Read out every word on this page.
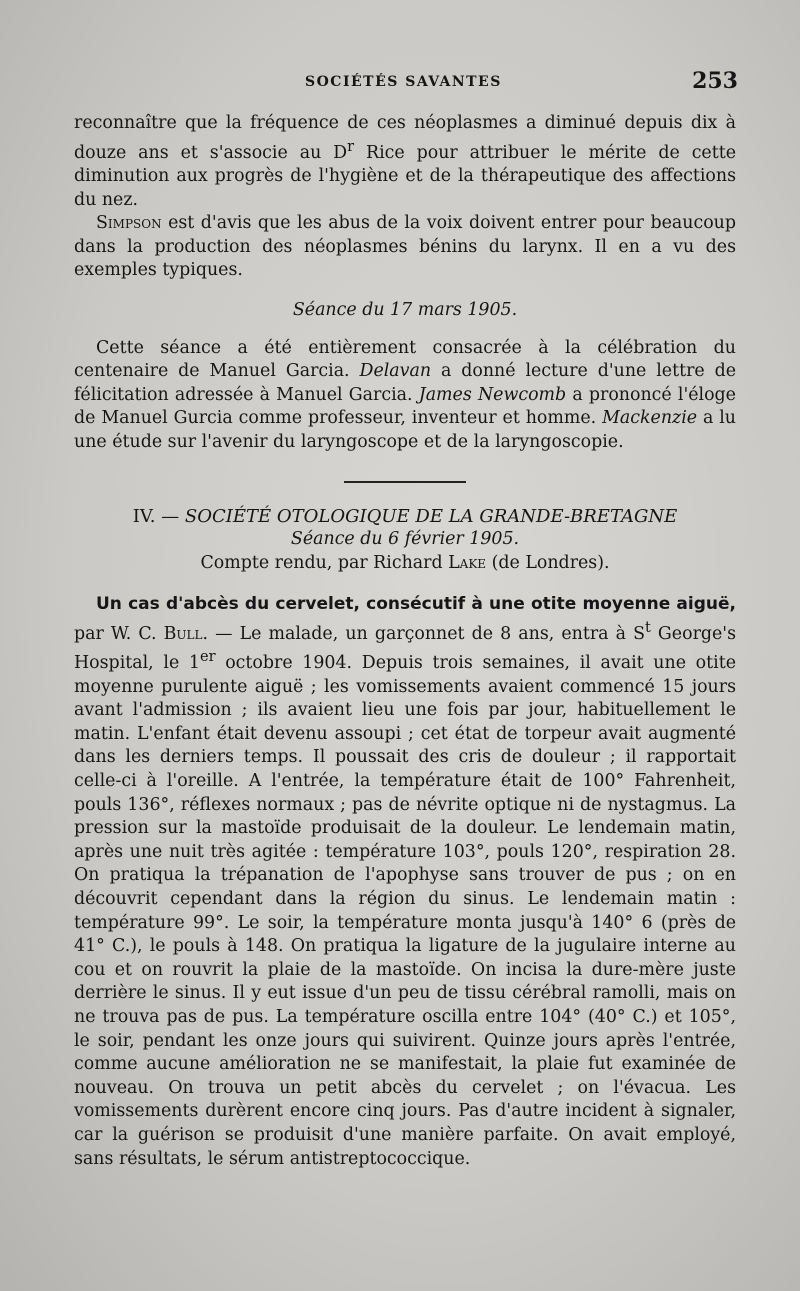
SOCIÉTÉS SAVANTES	253

reconnaître que la fréquence de ces néoplasmes a diminué depuis dix à douze ans et s'associe au $D^r$ Rice pour attribuer le mérite de cette diminution aux progrès de l'hygiène et de la thérapeutique des affections du nez.

Simpson est d'avis que les abus de la voix doivent entrer pour beaucoup dans la production des néoplasmes bénins du larynx. Il en a vu des exemples typiques.

Séance du 17 mars 1905.

Cette séance a été entièrement consacrée à la célébration du centenaire de Manuel Garcia. Delavan a donné lecture d'une lettre de félicitation adressée à Manuel Garcia. James Newcomb a prononcé l'éloge de Manuel Gurcia comme professeur, inventeur et homme. Mackenzie a lu une étude sur l'avenir du laryngoscope et de la laryngoscopie.

IV. — SOCIÉTÉ OTOLOGIQUE DE LA GRANDE-BRETAGNE

Séance du 6 février 1905.

Compte rendu, par Richard Lake (de Londres).

Un cas d'abcès du cervelet, consécutif à une otite moyenne aiguë, par W. C. Bull. — Le malade, un garçonnet de 8 ans, entra à $S^t$ George's Hospital, le 1er octobre 1904. Depuis trois semaines, il avait une otite moyenne purulente aiguë ; les vomissements avaient commencé 15 jours avant l'admission ; ils avaient lieu une fois par jour, habituellement le matin. L'enfant était devenu assoupi ; cet état de torpeur avait augmenté dans les derniers temps. Il poussait des cris de douleur ; il rapportait celle-ci à l'oreille. A l'entrée, la température était de 100° Fahrenheit, pouls 136°, réflexes normaux ; pas de névrite optique ni de nystagmus. La pression sur la mastoïde produisait de la douleur. Le lendemain matin, après une nuit très agitée : température 103°, pouls 120°, respiration 28. On pratiqua la trépanation de l'apophyse sans trouver de pus ; on en découvrit cependant dans la région du sinus. Le lendemain matin : température 99°. Le soir, la température monta jusqu'à 140° 6 (près de 41° C.), le pouls à 148. On pratiqua la ligature de la jugulaire interne au cou et on rouvrit la plaie de la mastoïde. On incisa la dure-mère juste derrière le sinus. Il y eut issue d'un peu de tissu cérébral ramolli, mais on ne trouva pas de pus. La température oscilla entre 104° (40° C.) et 105°, le soir, pendant les onze jours qui suivirent. Quinze jours après l'entrée, comme aucune amélioration ne se manifestait, la plaie fut examinée de nouveau. On trouva un petit abcès du cervelet ; on l'évacua. Les vomissements durèrent encore cinq jours. Pas d'autre incident à signaler, car la guérison se produisit d'une manière parfaite. On avait employé, sans résultats, le sérum antistreptococcique.
